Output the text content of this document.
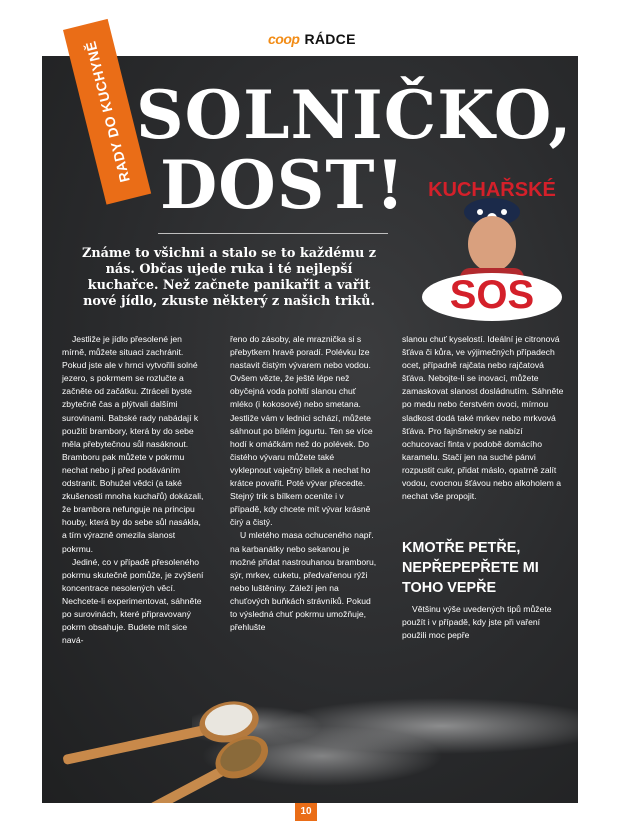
coop RÁDCE
SOS
KUCHAŘSKÉ
RADY DO KUCHYNĚ SOLNIČKO,
DOST!
Známe to všichni a stalo se to každému z nás. Občas ujede ruka i té nejlepší kuchařce. Než začnete panikařit a vařit nové jídlo, zkuste některý z našich triků.

Jestliže je jídlo přesolené jen mírně, můžete situaci zachránit. Pokud jste ale v hrnci vytvořili solné jezero, s pokrmem se rozlučte a začněte od začátku. Ztráceli byste zbytečně čas a plýtvali dalšími surovinami. Babské rady nabádají k použití brambory, která by do sebe měla přebytečnou sůl nasáknout. Bramboru pak můžete v pokrmu nechat nebo ji před podáváním odstranit. Bohužel vědci (a také zkušenosti mnoha kuchařů) dokázali, že brambora nefunguje na principu houby, která by do sebe sůl nasákla, a tím výrazně omezila slanost pokrmu.

Jediné, co v případě přesoleného pokrmu skutečně pomůže, je zvýšení koncentrace nesolených věcí. Nechcete-li experimentovat, sáhněte po surovinách, které připravovaný pokrm obsahuje. Budete mít sice navá-

řeno do zásoby, ale mraznička si s přebytkem hravě poradí. Polévku lze nastavit čistým vývarem nebo vodou. Ovšem vězte, že ještě lépe než obyčejná voda pohltí slanou chuť mléko (i kokosové) nebo smetana. Jestliže vám v lednici schází, můžete sáhnout po bílém jogurtu. Ten se více hodí k omáčkám než do polévek. Do čistého vývaru můžete také vyklepnout vaječný bílek a nechat ho krátce povařit. Poté vývar přecedte. Stejný trik s bílkem oceníte i v případě, kdy chcete mít vývar krásně čirý a čistý.

U mletého masa ochuceného např. na karbanátky nebo sekanou je možné přidat nastrouhanou bramboru, sýr, mrkev, cuketu, předvařenou rýži nebo luštěniny. Záleží jen na chuťových buňkách strávníků. Pokud to výsledná chuť pokrmu umožňuje, přehlušte

slanou chuť kyselostí. Ideální je citronová šťáva či kůra, ve výjimečných případech ocet, případně rajčata nebo rajčatová šťáva. Nebojte-li se inovací, můžete zamaskovat slanost dosládnutím. Sáhněte po medu nebo čerstvém ovoci, mírnou sladkost dodá také mrkev nebo mrkvová šťáva. Pro fajnšmekry se nabízí ochucovací finta v podobě domácího karamelu. Stačí jen na suché pánvi rozpustit cukr, přidat máslo, opatrně zalít vodou, cvocnou šťávou nebo alkoholem a nechat vše propojit.

KMOTŘE PETŘE, NEPŘEPEPŘETE MI TOHO VEPŘE

Většinu výše uvedených tipů můžete použít i v případě, kdy jste při vaření použili moc pepře

10
